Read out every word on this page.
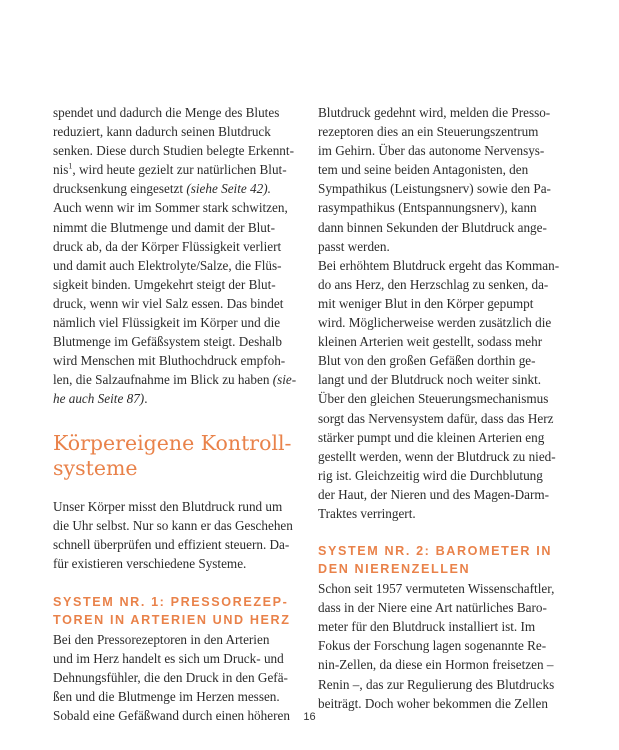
spendet und dadurch die Menge des Blutes
reduziert, kann dadurch seinen Blutdruck
senken. Diese durch Studien belegte Erkennt-
nis$^1$, wird heute gezielt zur natürlichen Blut-
drucksenkung eingesetzt (siehe Seite 42).
Auch wenn wir im Sommer stark schwitzen,
nimmt die Blutmenge und damit der Blut-
druck ab, da der Körper Flüssigkeit verliert
und damit auch Elektrolyte/Salze, die Flüs-
sigkeit binden. Umgekehrt steigt der Blut-
druck, wenn wir viel Salz essen. Das bindet
nämlich viel Flüssigkeit im Körper und die
Blutmenge im Gefäßsystem steigt. Deshalb
wird Menschen mit Bluthochdruck empfoh-
len, die Salzaufnahme im Blick zu haben (sie-
he auch Seite 87).
Körpereigene Kontroll-
systeme
Unser Körper misst den Blutdruck rund um
die Uhr selbst. Nur so kann er das Geschehen
schnell überprüfen und effizient steuern. Da-
für existieren verschiedene Systeme.
SYSTEM NR. 1: PRESSOREZEP-
TOREN IN ARTERIEN UND HERZ
Bei den Pressorezeptoren in den Arterien
und im Herz handelt es sich um Druck- und
Dehnungsfühler, die den Druck in den Gefä-
ßen und die Blutmenge im Herzen messen.
Sobald eine Gefäßwand durch einen höheren
Blutdruck gedehnt wird, melden die Presso-
rezeptoren dies an ein Steuerungszentrum
im Gehirn. Über das autonome Nervensys-
tem und seine beiden Antagonisten, den
Sympathikus (Leistungsnerv) sowie den Pa-
rasympathikus (Entspannungsnerv), kann
dann binnen Sekunden der Blutdruck ange-
passt werden.
Bei erhöhtem Blutdruck ergeht das Komman-
do ans Herz, den Herzschlag zu senken, da-
mit weniger Blut in den Körper gepumpt
wird. Möglicherweise werden zusätzlich die
kleinen Arterien weit gestellt, sodass mehr
Blut von den großen Gefäßen dorthin ge-
langt und der Blutdruck noch weiter sinkt.
Über den gleichen Steuerungsmechanismus
sorgt das Nervensystem dafür, dass das Herz
stärker pumpt und die kleinen Arterien eng
gestellt werden, wenn der Blutdruck zu nied-
rig ist. Gleichzeitig wird die Durchblutung
der Haut, der Nieren und des Magen-Darm-
Traktes verringert.
SYSTEM NR. 2: BAROMETER IN
DEN NIERENZELLEN
Schon seit 1957 vermuteten Wissenschaftler,
dass in der Niere eine Art natürliches Baro-
meter für den Blutdruck installiert ist. Im
Fokus der Forschung lagen sogenannte Re-
nin-Zellen, da diese ein Hormon freisetzen –
Renin –, das zur Regulierung des Blutdrucks
beiträgt. Doch woher bekommen die Zellen
16
